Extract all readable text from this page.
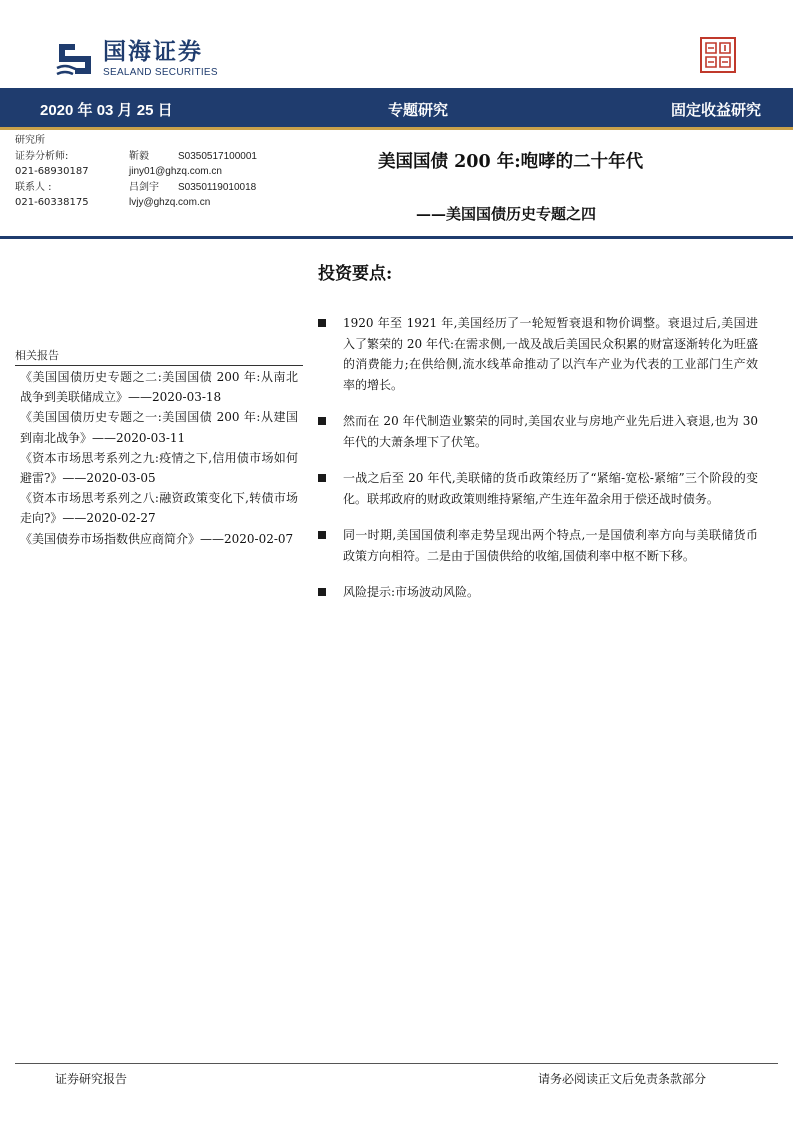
国海证券
SEALAND SECURITIES
2020 年 03 月 25 日	专题研究	固定收益研究
研究所
证券分析师:	靳毅	S0350517100001
021-68930187	jiny01@ghzq.com.cn
联系人 :	吕剑宇 S0350119010018
021-60338175	lvjy@ghzq.com.cn
美国国债 200 年:咆哮的二十年代
——美国国债历史专题之四
相关报告
《美国国债历史专题之二:美国国债 200 年:从南北战争到美联储成立》——2020-03-18
《美国国债历史专题之一:美国国债 200 年:从建国到南北战争》——2020-03-11
《资本市场思考系列之九:疫情之下,信用债市场如何避雷?》——2020-03-05
《资本市场思考系列之八:融资政策变化下,转债市场走向?》——2020-02-27
《美国债券市场指数供应商简介》——2020-02-07
投资要点:
1920 年至 1921 年,美国经历了一轮短暂衰退和物价调整。衰退过后,美国进入了繁荣的 20 年代:在需求侧,一战及战后美国民众积累的财富逐渐转化为旺盛的消费能力;在供给侧,流水线革命推动了以汽车产业为代表的工业部门生产效率的增长。
然而在 20 年代制造业繁荣的同时,美国农业与房地产业先后进入衰退,也为 30 年代的大萧条埋下了伏笔。
一战之后至 20 年代,美联储的货币政策经历了“紧缩-宽松-紧缩”三个阶段的变化。联邦政府的财政政策则维持紧缩,产生连年盈余用于偿还战时债务。
同一时期,美国国债利率走势呈现出两个特点,一是国债利率方向与美联储货币政策方向相符。二是由于国债供给的收缩,国债利率中枢不断下移。
风险提示:市场波动风险。
证券研究报告	请务必阅读正文后免责条款部分
